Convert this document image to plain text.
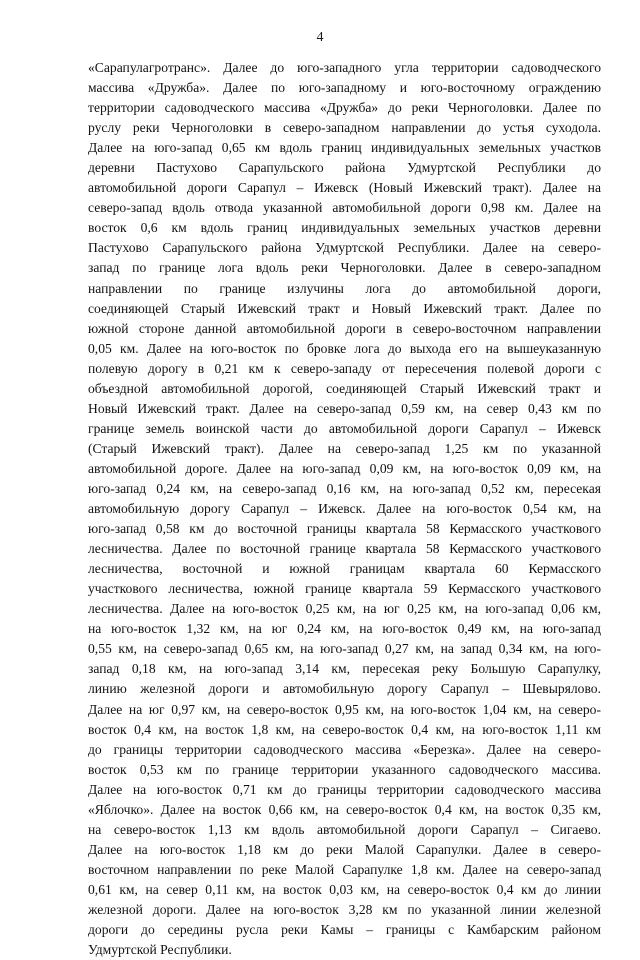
4
«Сарапулагротранс». Далее до юго-западного угла территории садоводческого
массива «Дружба». Далее по юго-западному и юго-восточному ограждению
территории садоводческого массива «Дружба» до реки Черноголовки. Далее по
руслу реки Черноголовки в северо-западном направлении до устья суходола.
Далее на юго-запад 0,65 км вдоль границ индивидуальных земельных участков
деревни Пастухово Сарапульского района Удмуртской Республики до
автомобильной дороги Сарапул – Ижевск (Новый Ижевский тракт). Далее на
северо-запад вдоль отвода указанной автомобильной дороги 0,98 км. Далее на
восток 0,6 км вдоль границ индивидуальных земельных участков деревни
Пастухово Сарапульского района Удмуртской Республики. Далее на северо-
запад по границе лога вдоль реки Черноголовки. Далее в северо-западном
направлении по границе излучины лога до автомобильной дороги,
соединяющей Старый Ижевский тракт и Новый Ижевский тракт. Далее по
южной стороне данной автомобильной дороги в северо-восточном направлении
0,05 км. Далее на юго-восток по бровке лога до выхода его на вышеуказанную
полевую дорогу в 0,21 км к северо-западу от пересечения полевой дороги с
объездной автомобильной дорогой, соединяющей Старый Ижевский тракт и
Новый Ижевский тракт. Далее на северо-запад 0,59 км, на север 0,43 км по
границе земель воинской части до автомобильной дороги Сарапул – Ижевск
(Старый Ижевский тракт). Далее на северо-запад 1,25 км по указанной
автомобильной дороге. Далее на юго-запад 0,09 км, на юго-восток 0,09 км, на
юго-запад 0,24 км, на северо-запад 0,16 км, на юго-запад 0,52 км, пересекая
автомобильную дорогу Сарапул – Ижевск. Далее на юго-восток 0,54 км, на
юго-запад 0,58 км до восточной границы квартала 58 Кермасского участкового
лесничества. Далее по восточной границе квартала 58 Кермасского участкового
лесничества, восточной и южной границам квартала 60 Кермасского
участкового лесничества, южной границе квартала 59 Кермасского участкового
лесничества. Далее на юго-восток 0,25 км, на юг 0,25 км, на юго-запад 0,06 км,
на юго-восток 1,32 км, на юг 0,24 км, на юго-восток 0,49 км, на юго-запад
0,55 км, на северо-запад 0,65 км, на юго-запад 0,27 км, на запад 0,34 км, на юго-
запад 0,18 км, на юго-запад 3,14 км, пересекая реку Большую Сарапулку,
линию железной дороги и автомобильную дорогу Сарапул – Шевырялово.
Далее на юг 0,97 км, на северо-восток 0,95 км, на юго-восток 1,04 км, на северо-
восток 0,4 км, на восток 1,8 км, на северо-восток 0,4 км, на юго-восток 1,11 км
до границы территории садоводческого массива «Березка». Далее на северо-
восток 0,53 км по границе территории указанного садоводческого массива.
Далее на юго-восток 0,71 км до границы территории садоводческого массива
«Яблочко». Далее на восток 0,66 км, на северо-восток 0,4 км, на восток 0,35 км,
на северо-восток 1,13 км вдоль автомобильной дороги Сарапул – Сигаево.
Далее на юго-восток 1,18 км до реки Малой Сарапулки. Далее в северо-
восточном направлении по реке Малой Сарапулке 1,8 км. Далее на северо-запад
0,61 км, на север 0,11 км, на восток 0,03 км, на северо-восток 0,4 км до линии
железной дороги. Далее на юго-восток 3,28 км по указанной линии железной
дороги до середины русла реки Камы – границы с Камбарским районом
Удмуртской Республики.
